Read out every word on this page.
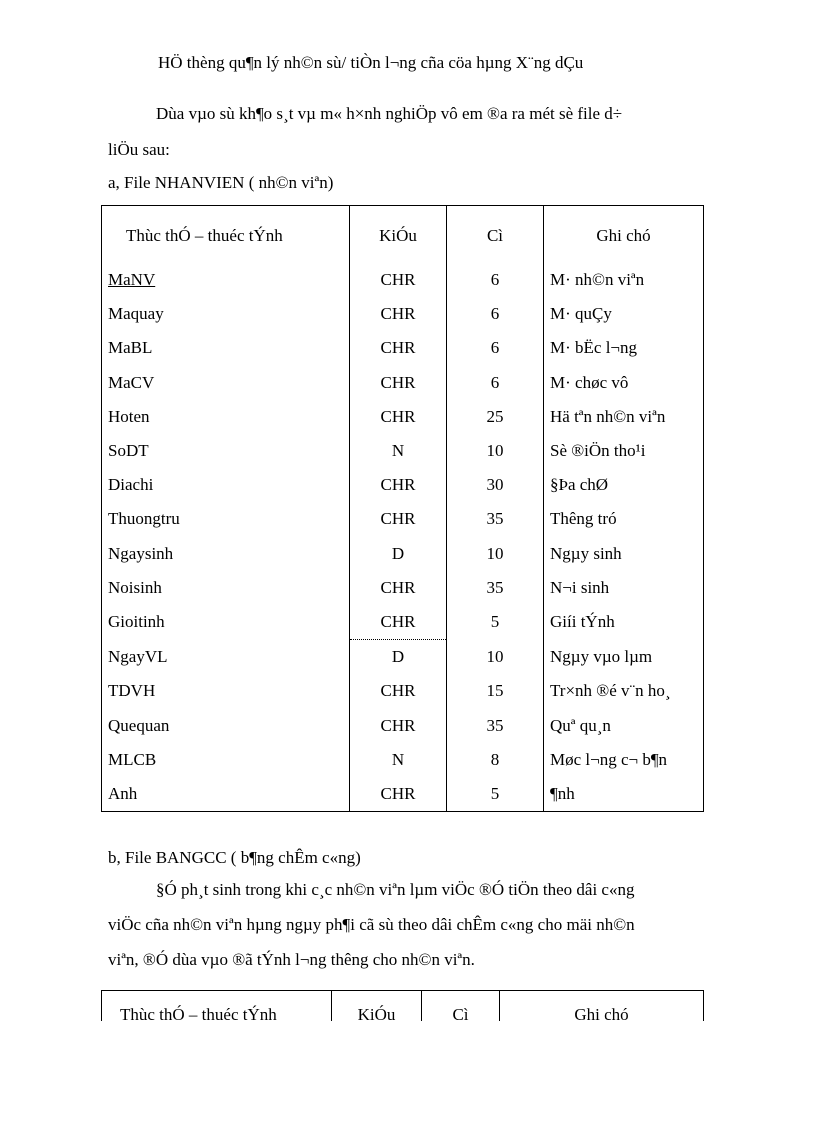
HÖ thèng qu¶n lý nh©n sù/ tiÒn l¬ng cña cöa hµng X¨ng dÇu
Dùa vµo sù kh¶o s¸t vµ m« h×nh nghiÖp vô em ®a ra mét sè file d÷
liÖu sau:
a, File NHANVIEN ( nh©n viªn)
Thùc thÓ – thuéc tÝnh	KiÓu	Cì	Ghi chó
MaNV	CHR	6	M· nh©n viªn
Maquay	CHR	6	M· quÇy
MaBL	CHR	6	M· bËc l¬ng
MaCV	CHR	6	M· chøc vô
Hoten	CHR	25	Hä tªn nh©n viªn
SoDT	N	10	Sè ®iÖn tho¹i
Diachi	CHR	30	§Þa chØ
Thuongtru	CHR	35	Thêng tró
Ngaysinh	D	10	Ngµy sinh
Noisinh	CHR	35	N¬i sinh
Gioitinh	CHR	5	Giíi tÝnh
NgayVL	D	10	Ngµy vµo lµm
TDVH	CHR	15	Tr×nh ®é v¨n ho¸
Quequan	CHR	35	Quª qu¸n
MLCB	N	8	Møc l¬ng c¬ b¶n
Anh	CHR	5	¶nh
b, File BANGCC ( b¶ng chÊm c«ng)
§Ó ph¸t sinh trong khi c¸c nh©n viªn lµm viÖc ®Ó tiÖn theo dâi c«ng
viÖc cña nh©n viªn hµng ngµy ph¶i cã sù theo dâi chÊm c«ng cho mäi nh©n
viªn, ®Ó dùa vµo ®ã tÝnh l¬ng thêng cho nh©n viªn.
Thùc thÓ – thuéc tÝnh	KiÓu	Cì	Ghi chó
